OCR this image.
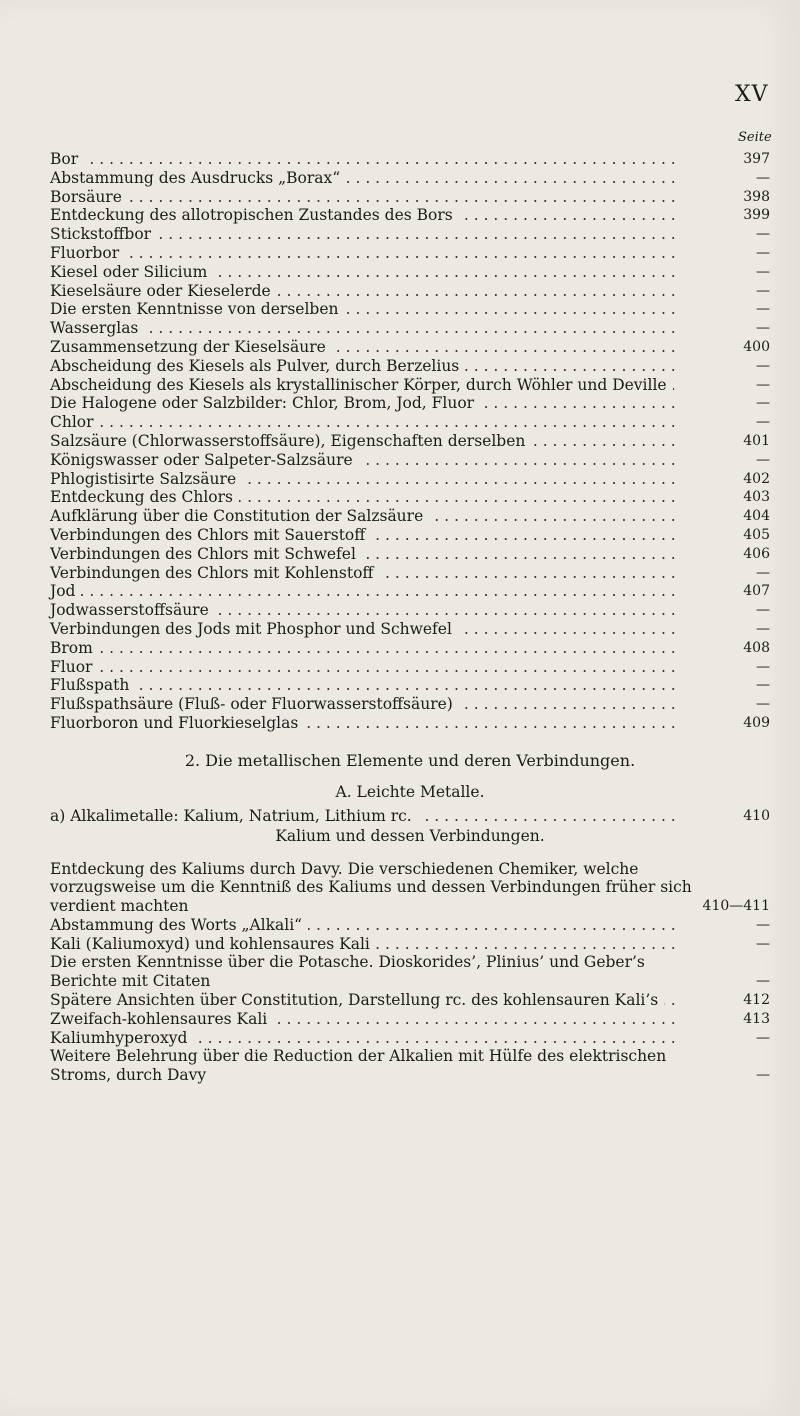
XV
Seite
. . .
Bor	397
. . .
Abstammung des Ausdrucks „Borax“	—
. . .
Borsäure	398
. . .
Entdeckung des allotropischen Zustandes des Bors	399
. . .
Stickstoffbor	—
. . .
Fluorbor	—
. . .
Kiesel oder Silicium	—
. . .
Kieselsäure oder Kieselerde	—
. . .
Die ersten Kenntnisse von derselben	—
. . .
Wasserglas	—
. . .
Zusammensetzung der Kieselsäure	400
. . .
Abscheidung des Kiesels als Pulver, durch Berzelius	—
. . .
Abscheidung des Kiesels als krystallinischer Körper, durch Wöhler und Deville	—
. . .
Die Halogene oder Salzbilder: Chlor, Brom, Jod, Fluor	—
. . .
Chlor	—
. . .
Salzsäure (Chlorwasserstoffsäure), Eigenschaften derselben	401
. . .
Königswasser oder Salpeter-Salzsäure	—
. . .
Phlogistisirte Salzsäure	402
. . .
Entdeckung des Chlors	403
. . .
Aufklärung über die Constitution der Salzsäure	404
. . .
Verbindungen des Chlors mit Sauerstoff	405
. . .
Verbindungen des Chlors mit Schwefel	406
. . .
Verbindungen des Chlors mit Kohlenstoff	—
. . .
Jod	407
. . .
Jodwasserstoffsäure	—
. . .
Verbindungen des Jods mit Phosphor und Schwefel	—
. . .
Brom	408
. . .
Fluor	—
. . .
Flußspath	—
. . .
Flußspathsäure (Fluß- oder Fluorwasserstoffsäure)	—
. . .
Fluorboron und Fluorkieselglas	409
2. Die metallischen Elemente und deren Verbindungen.
A. Leichte Metalle.
. . .
a) Alkalimetalle: Kalium, Natrium, Lithium rc.	410
Kalium und dessen Verbindungen.
Entdeckung des Kaliums durch Davy. Die verschiedenen Chemiker, welche vorzugsweise um die Kenntniß des Kaliums und dessen Verbindungen früher sich verdient machten	410—411
. . .
Abstammung des Worts „Alkali“	—
. . .
Kali (Kaliumoxyd) und kohlensaures Kali	—
Die ersten Kenntnisse über die Potasche. Dioskorides’, Plinius’ und Geber’s Berichte mit Citaten	—
. . .
Spätere Ansichten über Constitution, Darstellung rc. des kohlensauren Kali’s	412
. . .
Zweifach-kohlensaures Kali	413
. . .
Kaliumhyperoxyd	—
Weitere Belehrung über die Reduction der Alkalien mit Hülfe des elektrischen Stroms, durch Davy	—
